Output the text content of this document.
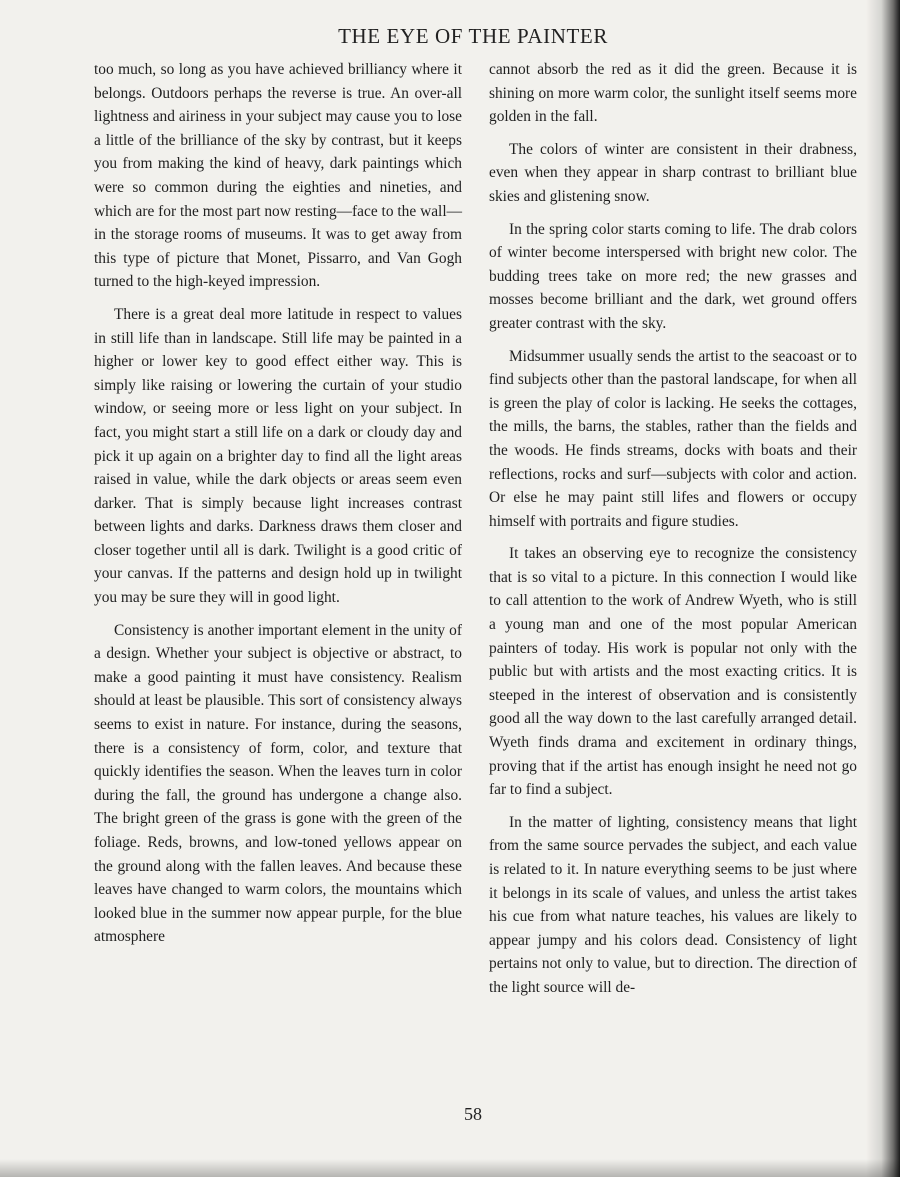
THE EYE OF THE PAINTER

too much, so long as you have achieved brilliancy where it belongs. Outdoors perhaps the reverse is true. An over-all lightness and airiness in your subject may cause you to lose a little of the brilliance of the sky by contrast, but it keeps you from making the kind of heavy, dark paintings which were so common during the eighties and nineties, and which are for the most part now resting—face to the wall—in the storage rooms of museums. It was to get away from this type of picture that Monet, Pissarro, and Van Gogh turned to the high-keyed impression.

There is a great deal more latitude in respect to values in still life than in landscape. Still life may be painted in a higher or lower key to good effect either way. This is simply like raising or lowering the curtain of your studio window, or seeing more or less light on your subject. In fact, you might start a still life on a dark or cloudy day and pick it up again on a brighter day to find all the light areas raised in value, while the dark objects or areas seem even darker. That is simply because light increases contrast between lights and darks. Darkness draws them closer and closer together until all is dark. Twilight is a good critic of your canvas. If the patterns and design hold up in twilight you may be sure they will in good light.

Consistency is another important element in the unity of a design. Whether your subject is objective or abstract, to make a good painting it must have consistency. Realism should at least be plausible. This sort of consistency always seems to exist in nature. For instance, during the seasons, there is a consistency of form, color, and texture that quickly identifies the season. When the leaves turn in color during the fall, the ground has undergone a change also. The bright green of the grass is gone with the green of the foliage. Reds, browns, and low-toned yellows appear on the ground along with the fallen leaves. And because these leaves have changed to warm colors, the mountains which looked blue in the summer now appear purple, for the blue atmosphere

cannot absorb the red as it did the green. Because it is shining on more warm color, the sunlight itself seems more golden in the fall.

The colors of winter are consistent in their drabness, even when they appear in sharp contrast to brilliant blue skies and glistening snow.

In the spring color starts coming to life. The drab colors of winter become interspersed with bright new color. The budding trees take on more red; the new grasses and mosses become brilliant and the dark, wet ground offers greater contrast with the sky.

Midsummer usually sends the artist to the seacoast or to find subjects other than the pastoral landscape, for when all is green the play of color is lacking. He seeks the cottages, the mills, the barns, the stables, rather than the fields and the woods. He finds streams, docks with boats and their reflections, rocks and surf—subjects with color and action. Or else he may paint still lifes and flowers or occupy himself with portraits and figure studies.

It takes an observing eye to recognize the consistency that is so vital to a picture. In this connection I would like to call attention to the work of Andrew Wyeth, who is still a young man and one of the most popular American painters of today. His work is popular not only with the public but with artists and the most exacting critics. It is steeped in the interest of observation and is consistently good all the way down to the last carefully arranged detail. Wyeth finds drama and excitement in ordinary things, proving that if the artist has enough insight he need not go far to find a subject.

In the matter of lighting, consistency means that light from the same source pervades the subject, and each value is related to it. In nature everything seems to be just where it belongs in its scale of values, and unless the artist takes his cue from what nature teaches, his values are likely to appear jumpy and his colors dead. Consistency of light pertains not only to value, but to direction. The direction of the light source will de-

58
